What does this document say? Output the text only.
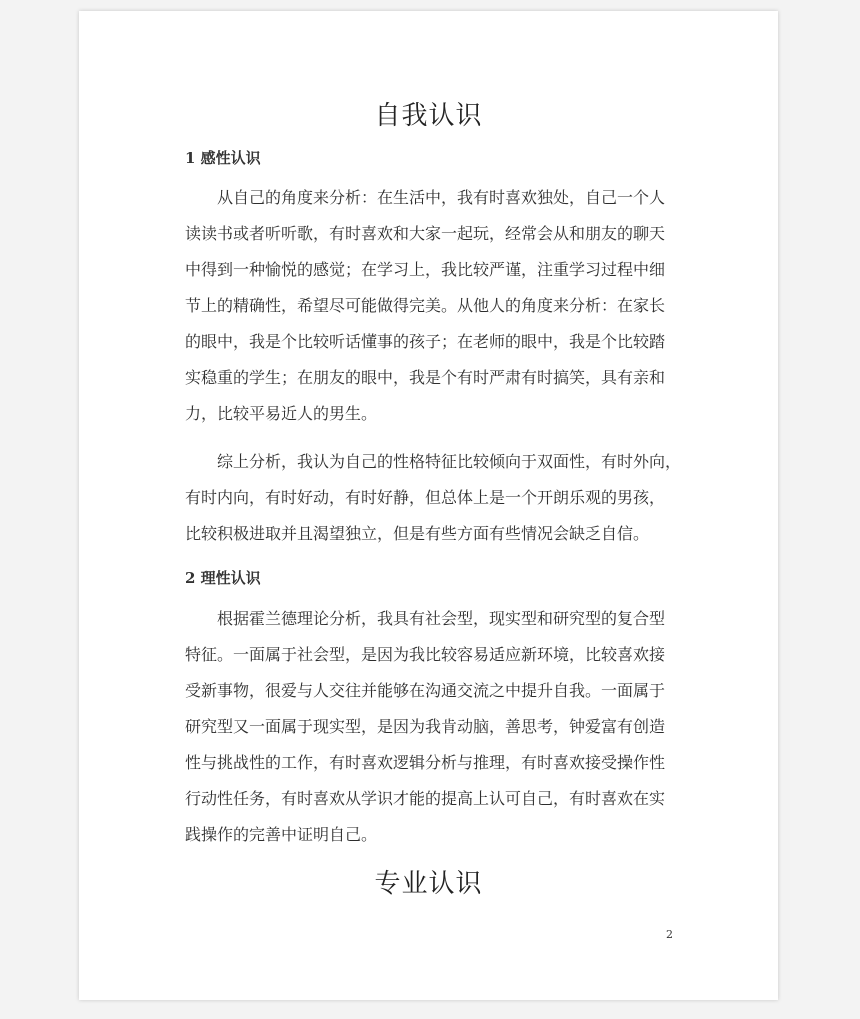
自我认识
1 感性认识
　　从自己的角度来分析：在生活中，我有时喜欢独处，自己一个人
读读书或者听听歌，有时喜欢和大家一起玩，经常会从和朋友的聊天
中得到一种愉悦的感觉；在学习上，我比较严谨，注重学习过程中细
节上的精确性，希望尽可能做得完美。从他人的角度来分析：在家长
的眼中，我是个比较听话懂事的孩子；在老师的眼中，我是个比较踏
实稳重的学生；在朋友的眼中，我是个有时严肃有时搞笑，具有亲和
力，比较平易近人的男生。
　　综上分析，我认为自己的性格特征比较倾向于双面性，有时外向，
有时内向，有时好动，有时好静，但总体上是一个开朗乐观的男孩，
比较积极进取并且渴望独立，但是有些方面有些情况会缺乏自信。
2 理性认识
　　根据霍兰德理论分析，我具有社会型，现实型和研究型的复合型
特征。一面属于社会型，是因为我比较容易适应新环境，比较喜欢接
受新事物，很爱与人交往并能够在沟通交流之中提升自我。一面属于
研究型又一面属于现实型，是因为我肯动脑，善思考，钟爱富有创造
性与挑战性的工作，有时喜欢逻辑分析与推理，有时喜欢接受操作性
行动性任务，有时喜欢从学识才能的提高上认可自己，有时喜欢在实
践操作的完善中证明自己。
专业认识
2
